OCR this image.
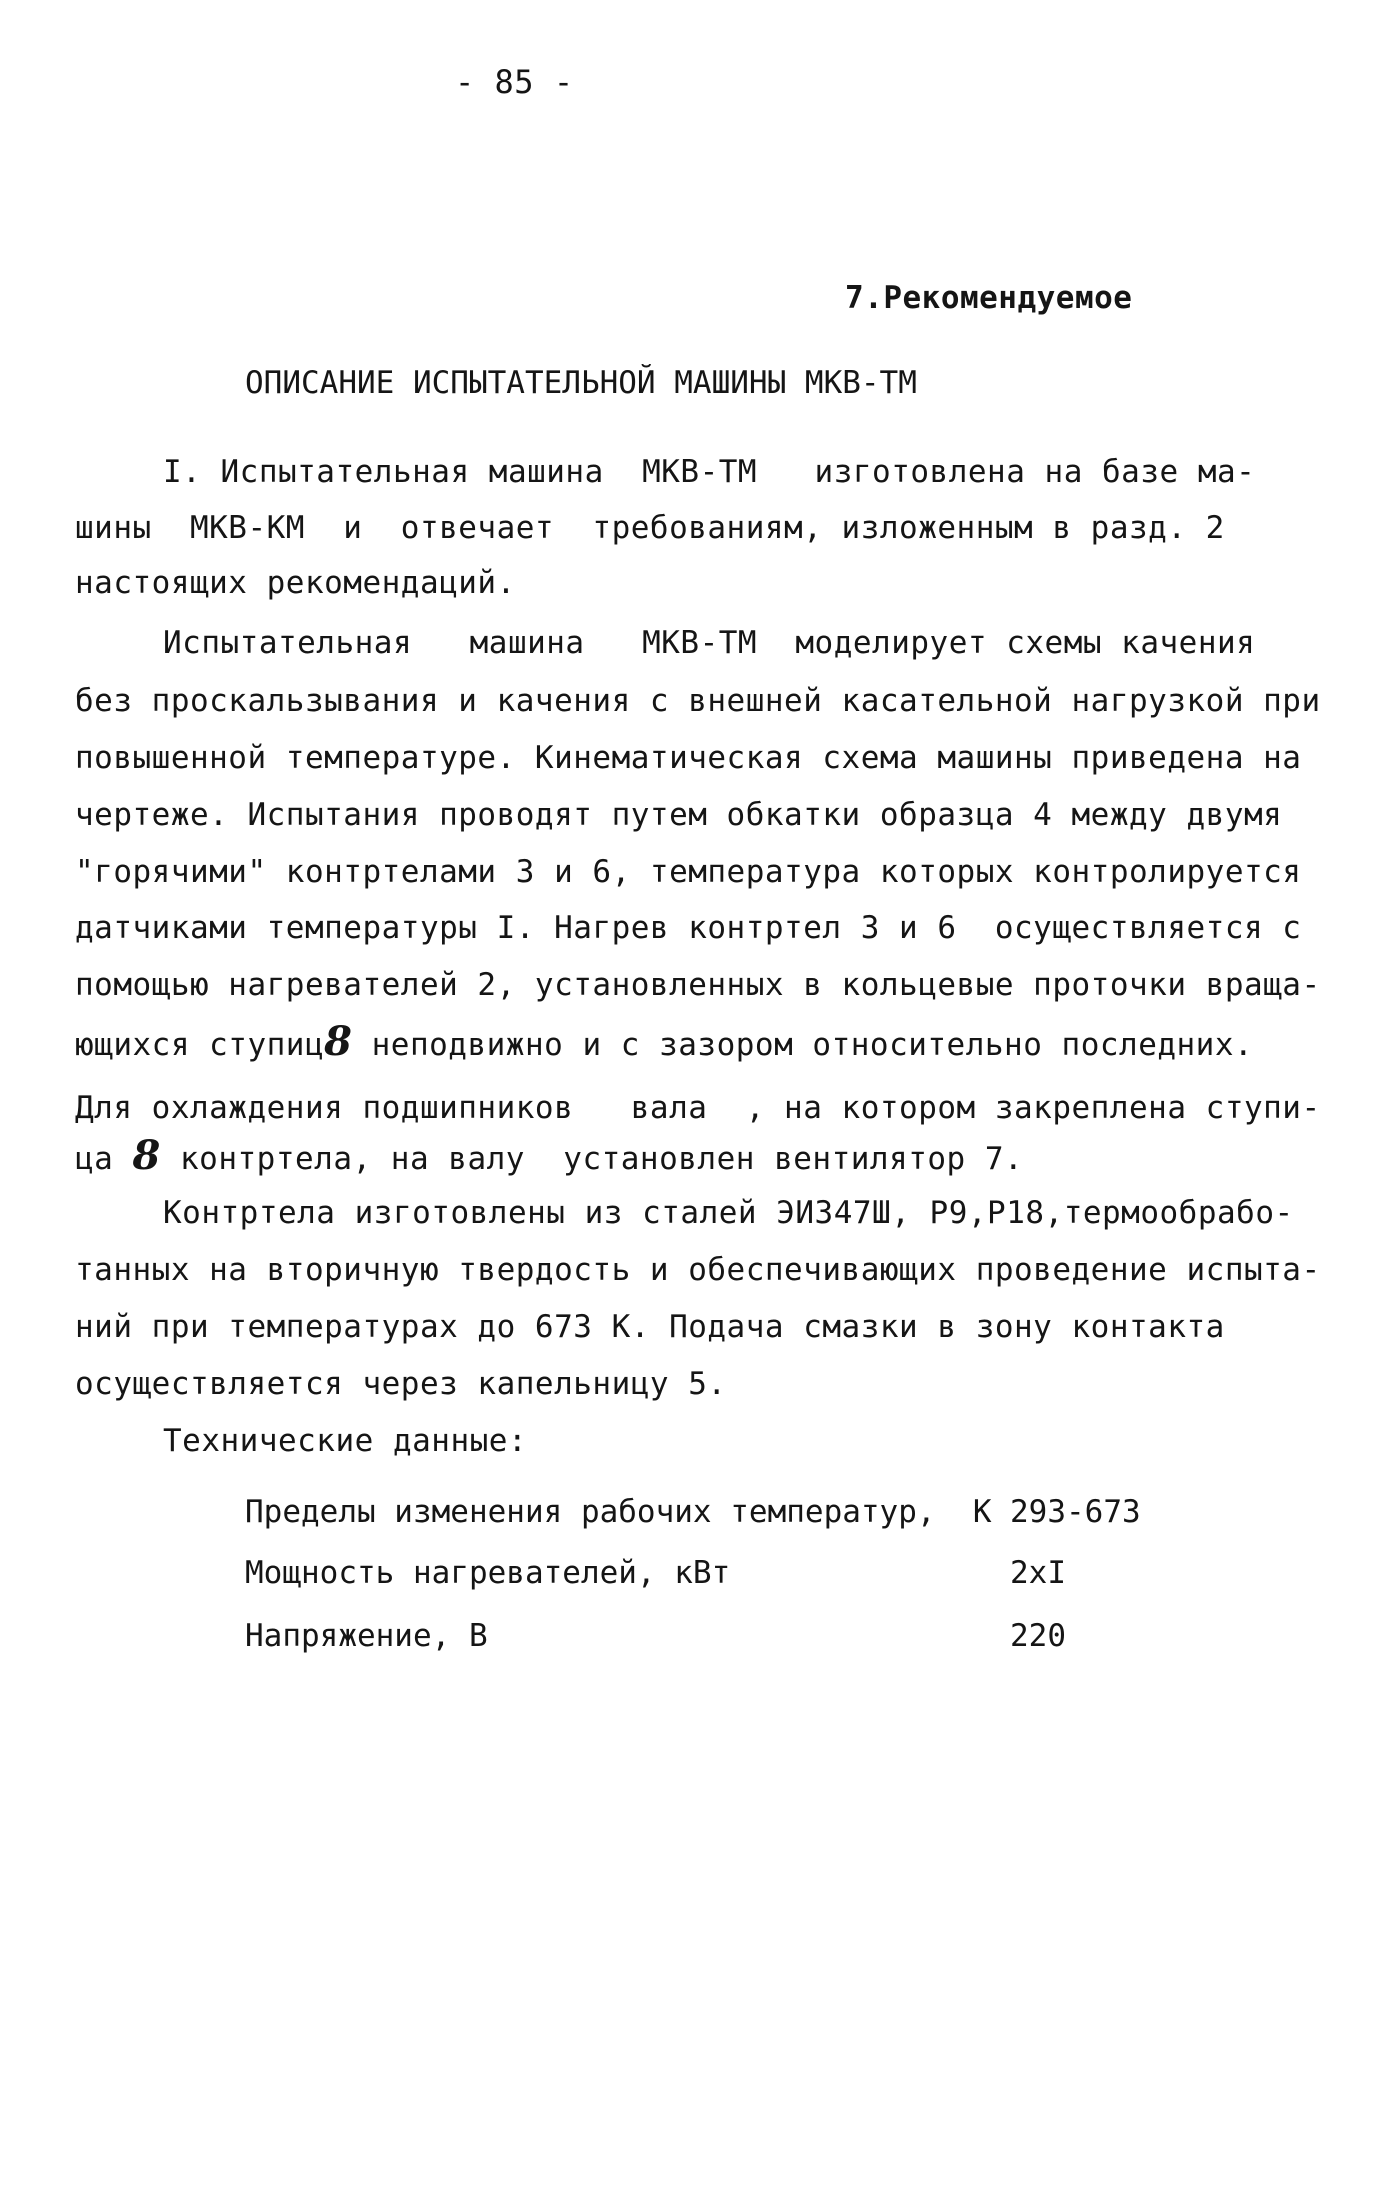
- 85 -
7.Рекомендуемое
ОПИСАНИЕ ИСПЫТАТЕЛЬНОЙ МАШИНЫ МКВ-ТМ
I. Испытательная машина  МКВ-ТМ   изготовлена на базе ма-
шины  МКВ-КМ  и  отвечает  требованиям, изложенным в разд. 2
настоящих рекомендаций.
Испытательная   машина   МКВ-ТМ  моделирует схемы качения
без проскальзывания и качения с внешней касательной нагрузкой при
повышенной температуре. Кинематическая схема машины приведена на
чертеже. Испытания проводят путем обкатки образца 4 между двумя
"горячими" контртелами 3 и 6, температура которых контролируется
датчиками температуры I. Нагрев контртел 3 и 6  осуществляется с
помощью нагревателей 2, установленных в кольцевые проточки враща-
ющихся ступиц8 неподвижно и с зазором относительно последних.
Для охлаждения подшипников   вала  , на котором закреплена ступи-
ца 8 контртела, на валу  установлен вентилятор 7.
Контртела изготовлены из сталей ЭИ347Ш, Р9,Р18,термообрабо-
танных на вторичную твердость и обеспечивающих проведение испыта-
ний при температурах до 673 К. Подача смазки в зону контакта
осуществляется через капельницу 5.
Технические данные:
Пределы изменения рабочих температур,  К 293-673
Мощность нагревателей, кВт	2xI
Напряжение, В	220
